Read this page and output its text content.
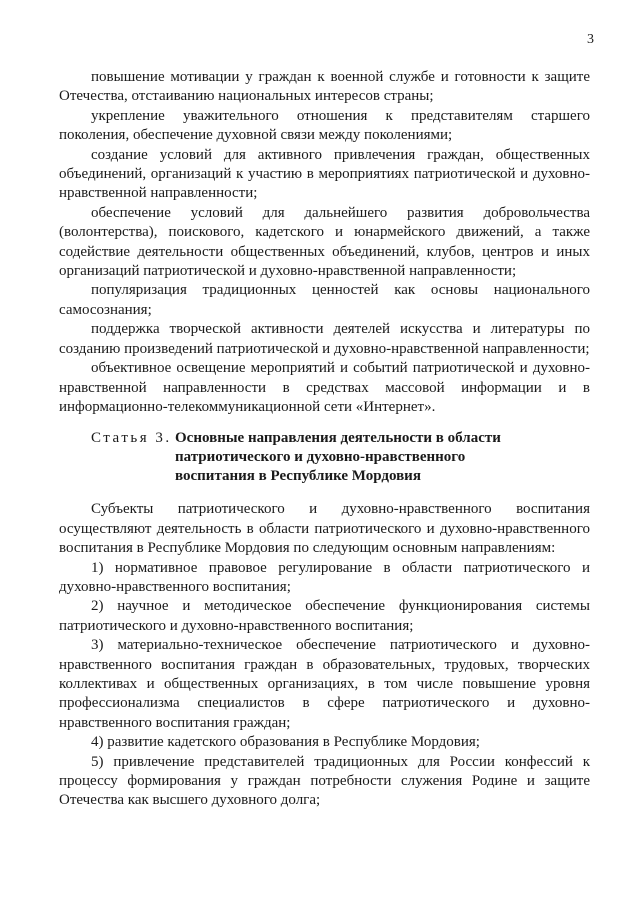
3

повышение мотивации у граждан к военной службе и готовности к защите Отечества, отстаиванию национальных интересов страны;

укрепление уважительного отношения к представителям старшего поколения, обеспечение духовной связи между поколениями;

создание условий для активного привлечения граждан, общественных объединений, организаций к участию в мероприятиях патриотической и духовно-нравственной направленности;

обеспечение условий для дальнейшего развития добровольчества (волонтерства), поискового, кадетского и юнармейского движений, а также содействие деятельности общественных объединений, клубов, центров и иных организаций патриотической и духовно-нравственной направленности;

популяризация традиционных ценностей как основы национального самосознания;

поддержка творческой активности деятелей искусства и литературы по созданию произведений патриотической и духовно-нравственной направленности;

объективное освещение мероприятий и событий патриотической и духовно-нравственной направленности в средствах массовой информации и в информационно-телекоммуникационной сети «Интернет».

Статья 3. Основные направления деятельности в области патриотического и духовно-нравственного воспитания в Республике Мордовия

Субъекты патриотического и духовно-нравственного воспитания осуществляют деятельность в области патриотического и духовно-нравственного воспитания в Республике Мордовия по следующим основным направлениям:

1) нормативное правовое регулирование в области патриотического и духовно-нравственного воспитания;

2) научное и методическое обеспечение функционирования системы патриотического и духовно-нравственного воспитания;

3) материально-техническое обеспечение патриотического и духовно-нравственного воспитания граждан в образовательных, трудовых, творческих коллективах и общественных организациях, в том числе повышение уровня профессионализма специалистов в сфере патриотического и духовно-нравственного воспитания граждан;

4) развитие кадетского образования в Республике Мордовия;

5) привлечение представителей традиционных для России конфессий к процессу формирования у граждан потребности служения Родине и защите Отечества как высшего духовного долга;
